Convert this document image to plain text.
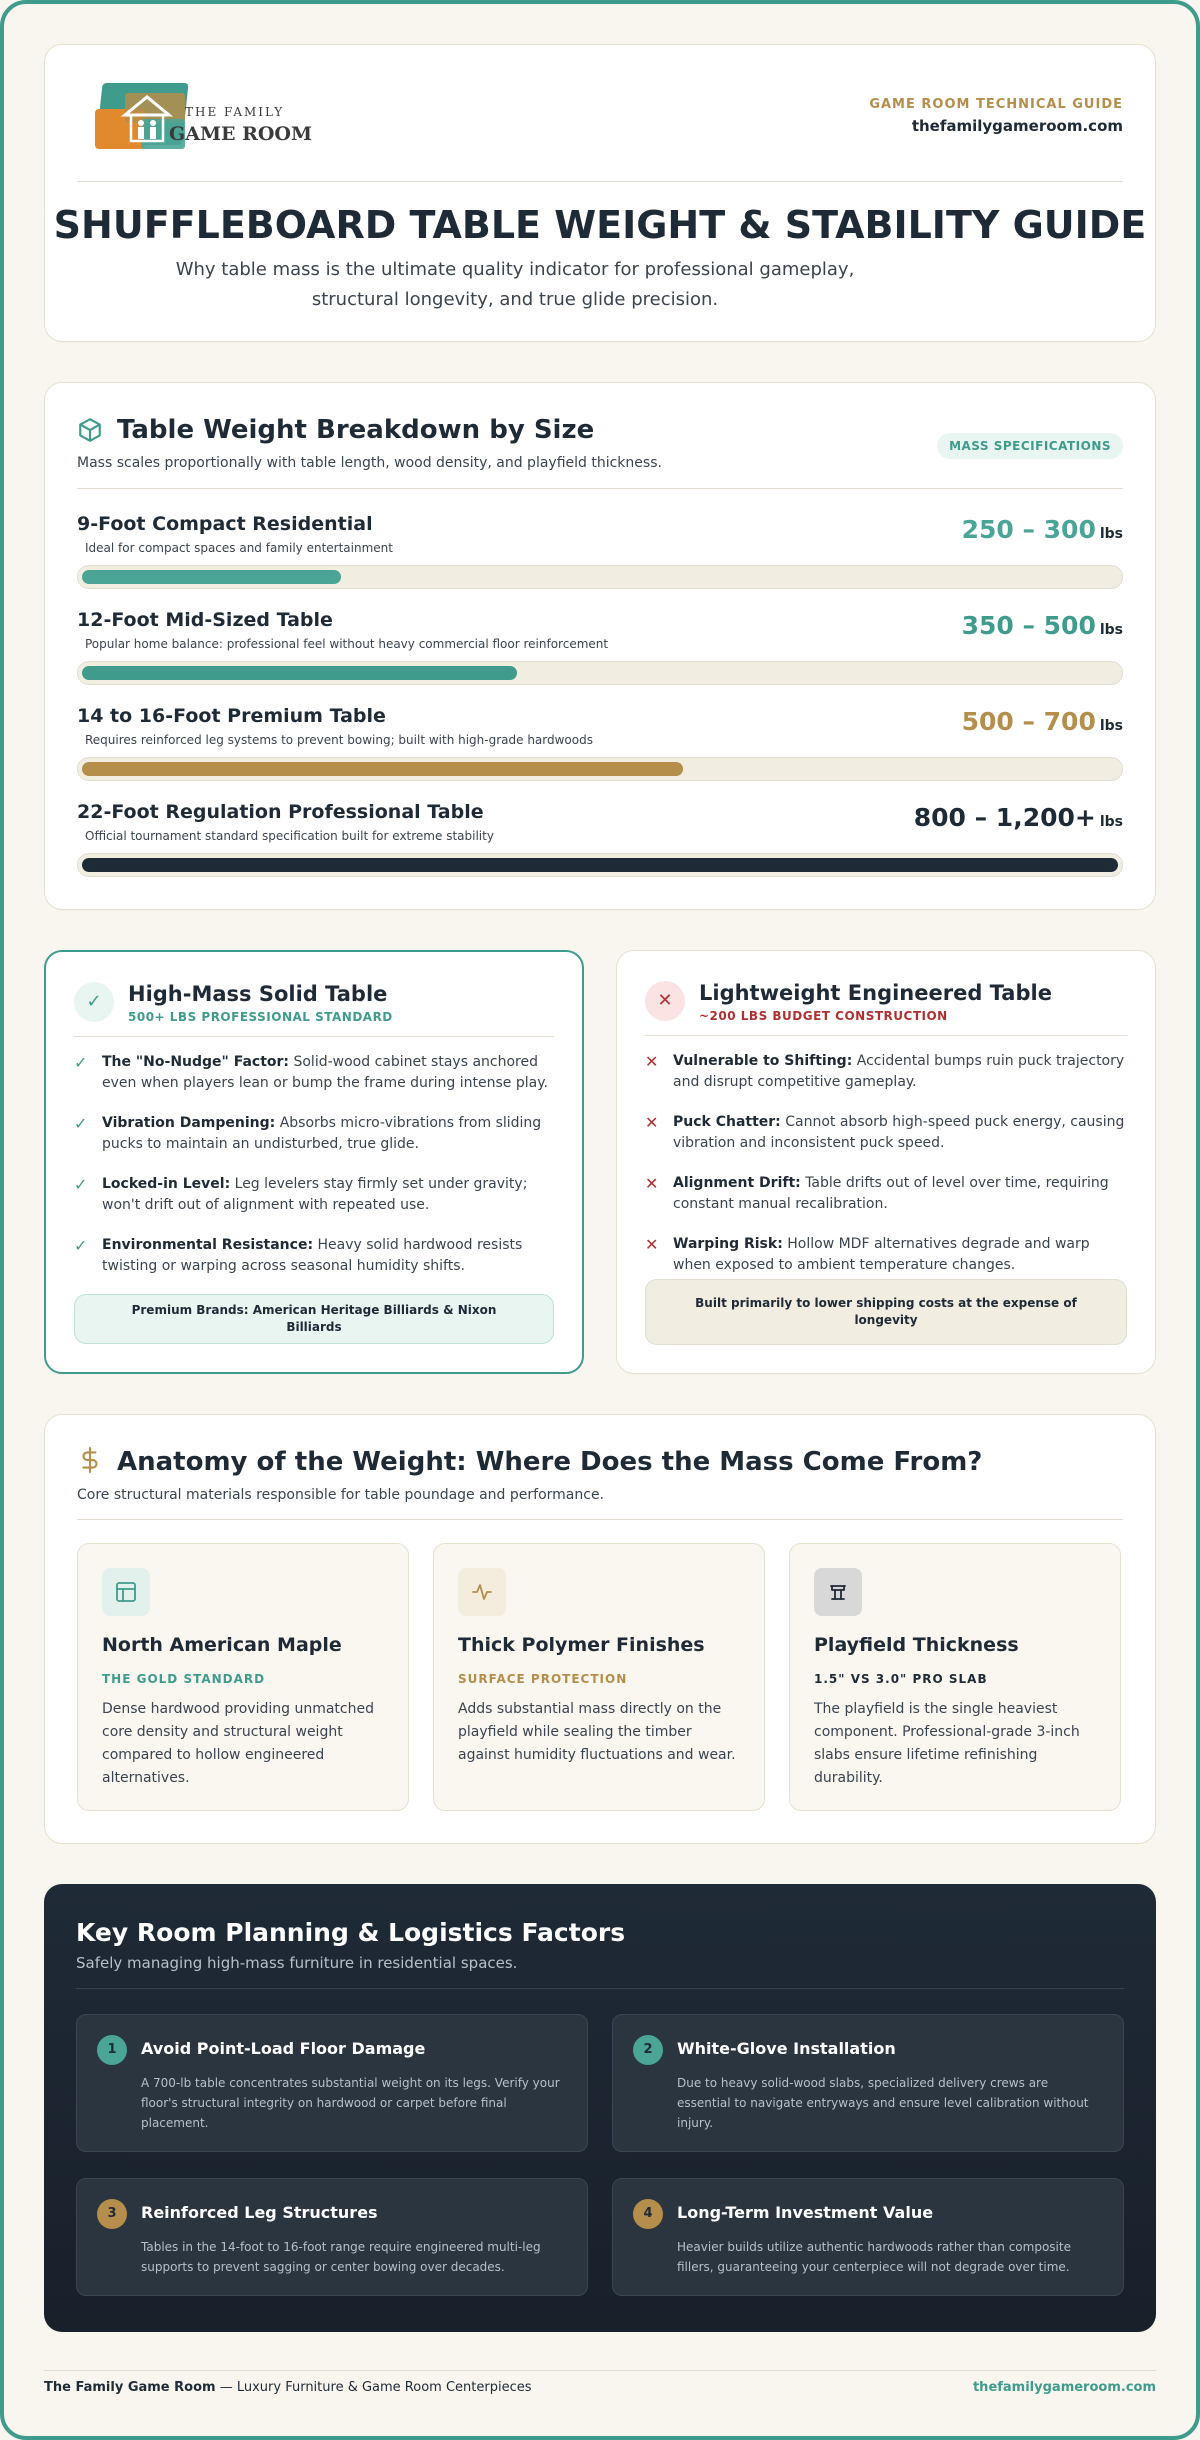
THE FAMILY
GAME ROOM
GAME ROOM TECHNICAL GUIDE
thefamilygameroom.com
SHUFFLEBOARD TABLE WEIGHT & STABILITY GUIDE
Why table mass is the ultimate quality indicator for professional gameplay, structural longevity, and true glide precision.
Table Weight Breakdown by Size
Mass scales proportionally with table length, wood density, and playfield thickness.
MASS SPECIFICATIONS
9-Foot Compact Residential
Ideal for compact spaces and family entertainment
250 – 300 lbs
12-Foot Mid-Sized Table
Popular home balance: professional feel without heavy commercial floor reinforcement
350 – 500 lbs
14 to 16-Foot Premium Table
Requires reinforced leg systems to prevent bowing; built with high-grade hardwoods
500 – 700 lbs
22-Foot Regulation Professional Table
Official tournament standard specification built for extreme stability
800 – 1,200+ lbs
✓	High-Mass Solid Table
500+ LBS PROFESSIONAL STANDARD
✓ The "No-Nudge" Factor: Solid-wood cabinet stays anchored even when players lean or bump the frame during intense play.
✓ Vibration Dampening: Absorbs micro-vibrations from sliding pucks to maintain an undisturbed, true glide.
✓ Locked-in Level: Leg levelers stay firmly set under gravity; won't drift out of alignment with repeated use.
✓ Environmental Resistance: Heavy solid hardwood resists twisting or warping across seasonal humidity shifts.
Premium Brands: American Heritage Billiards & Nixon Billiards
✕	Lightweight Engineered Table
~200 LBS BUDGET CONSTRUCTION
✕ Vulnerable to Shifting: Accidental bumps ruin puck trajectory and disrupt competitive gameplay.
✕ Puck Chatter: Cannot absorb high-speed puck energy, causing vibration and inconsistent puck speed.
✕ Alignment Drift: Table drifts out of level over time, requiring constant manual recalibration.
✕ Warping Risk: Hollow MDF alternatives degrade and warp when exposed to ambient temperature changes.
Built primarily to lower shipping costs at the expense of longevity
Anatomy of the Weight: Where Does the Mass Come From?
Core structural materials responsible for table poundage and performance.
North American Maple
THE GOLD STANDARD
Dense hardwood providing unmatched core density and structural weight compared to hollow engineered alternatives.
Thick Polymer Finishes
SURFACE PROTECTION
Adds substantial mass directly on the playfield while sealing the timber against humidity fluctuations and wear.
Playfield Thickness
1.5" VS 3.0" PRO SLAB
The playfield is the single heaviest component. Professional-grade 3-inch slabs ensure lifetime refinishing durability.
Key Room Planning & Logistics Factors
Safely managing high-mass furniture in residential spaces.
1	Avoid Point-Load Floor Damage
A 700-lb table concentrates substantial weight on its legs. Verify your floor's structural integrity on hardwood or carpet before final placement.
2	White-Glove Installation
Due to heavy solid-wood slabs, specialized delivery crews are essential to navigate entryways and ensure level calibration without injury.
3	Reinforced Leg Structures
Tables in the 14-foot to 16-foot range require engineered multi-leg supports to prevent sagging or center bowing over decades.
4	Long-Term Investment Value
Heavier builds utilize authentic hardwoods rather than composite fillers, guaranteeing your centerpiece will not degrade over time.
The Family Game Room — Luxury Furniture & Game Room Centerpieces	thefamilygameroom.com
